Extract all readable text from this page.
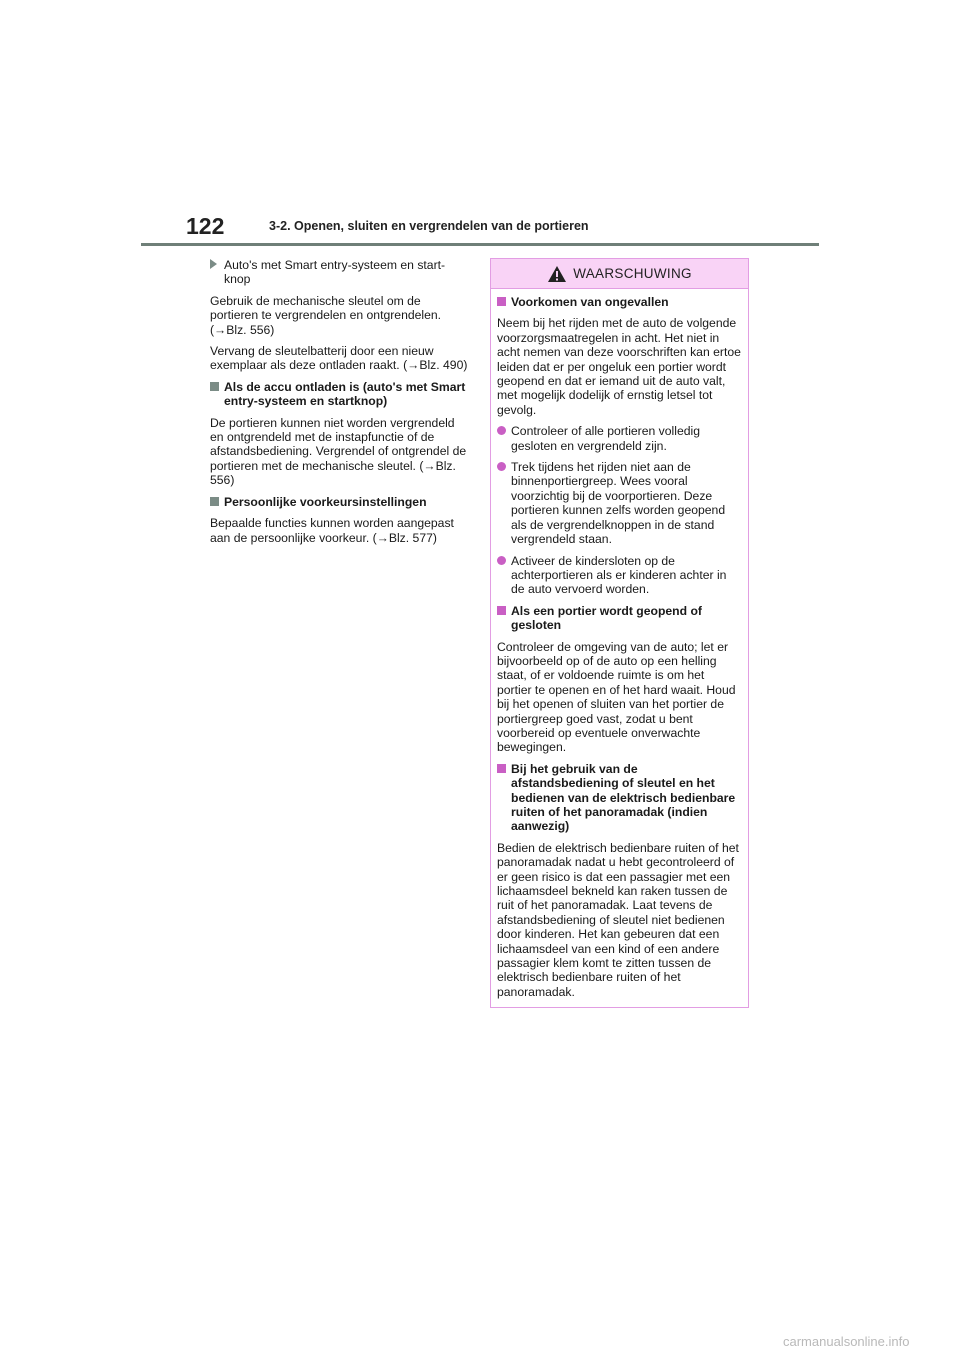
122	3-2. Openen, sluiten en vergrendelen van de portieren

Auto's met Smart entry-systeem en start-knop

Gebruik de mechanische sleutel om de portieren te vergrendelen en ontgrendelen. (→Blz. 556)

Vervang de sleutelbatterij door een nieuw exemplaar als deze ontladen raakt. (→Blz. 490)

Als de accu ontladen is (auto's met Smart entry-systeem en startknop)

De portieren kunnen niet worden vergrendeld en ontgrendeld met de instapfunctie of de afstandsbediening. Vergrendel of ontgrendel de portieren met de mechanische sleutel. (→Blz. 556)

Persoonlijke voorkeursinstellingen

Bepaalde functies kunnen worden aangepast aan de persoonlijke voorkeur. (→Blz. 577)

WAARSCHUWING

Voorkomen van ongevallen

Neem bij het rijden met de auto de volgende voorzorgsmaatregelen in acht. Het niet in acht nemen van deze voorschriften kan ertoe leiden dat er per ongeluk een portier wordt geopend en dat er iemand uit de auto valt, met mogelijk dodelijk of ernstig letsel tot gevolg.

Controleer of alle portieren volledig gesloten en vergrendeld zijn.

Trek tijdens het rijden niet aan de binnenportiergreep. Wees vooral voorzichtig bij de voorportieren. Deze portieren kunnen zelfs worden geopend als de vergrendelknoppen in de stand vergrendeld staan.

Activeer de kindersloten op de achterportieren als er kinderen achter in de auto vervoerd worden.

Als een portier wordt geopend of gesloten

Controleer de omgeving van de auto; let er bijvoorbeeld op of de auto op een helling staat, of er voldoende ruimte is om het portier te openen en of het hard waait. Houd bij het openen of sluiten van het portier de portiergreep goed vast, zodat u bent voorbereid op eventuele onverwachte bewegingen.

Bij het gebruik van de afstandsbediening of sleutel en het bedienen van de elektrisch bedienbare ruiten of het panoramadak (indien aanwezig)

Bedien de elektrisch bedienbare ruiten of het panoramadak nadat u hebt gecontroleerd of er geen risico is dat een passagier met een lichaamsdeel bekneld kan raken tussen de ruit of het panoramadak. Laat tevens de afstandsbediening of sleutel niet bedienen door kinderen. Het kan gebeuren dat een lichaamsdeel van een kind of een andere passagier klem komt te zitten tussen de elektrisch bedienbare ruiten of het panoramadak.

carmanualsonline.info
